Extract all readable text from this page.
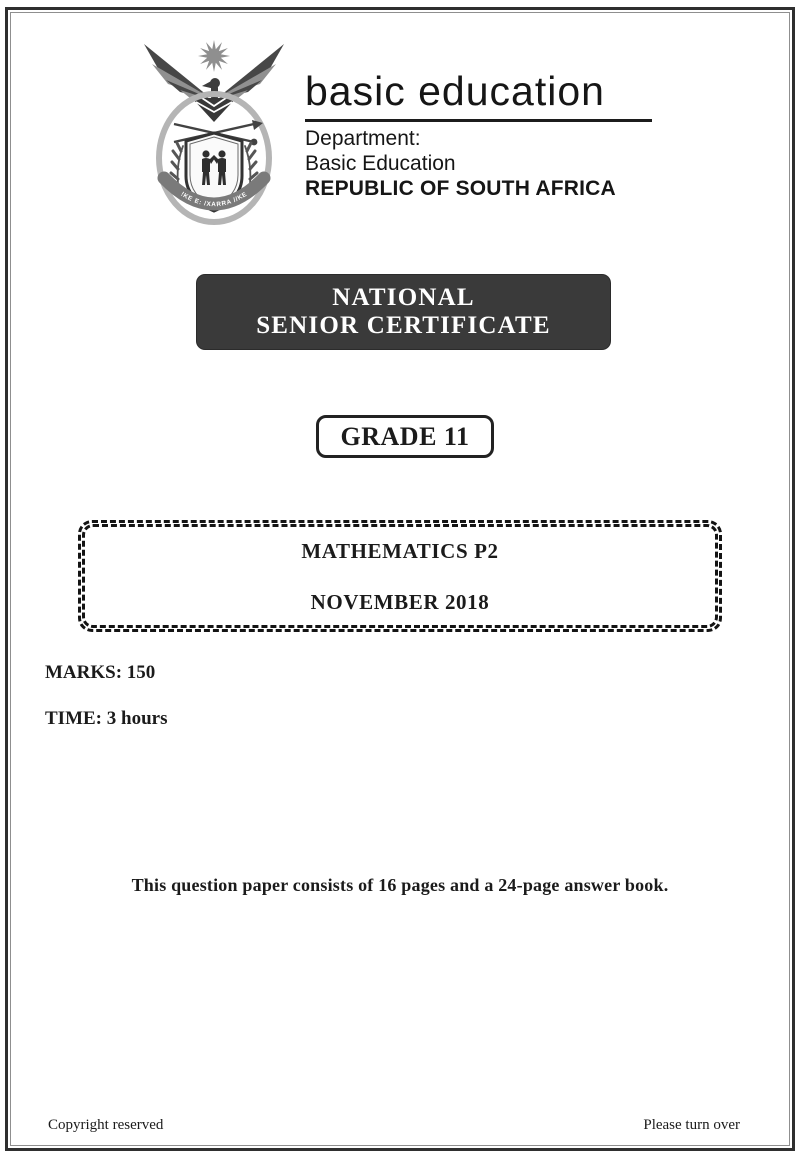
!KE E: /XARRA //KE
basic education
Department:
Basic Education
REPUBLIC OF SOUTH AFRICA
NATIONAL
SENIOR CERTIFICATE
GRADE 11
MATHEMATICS P2
NOVEMBER 2018
MARKS: 150
TIME: 3 hours
This question paper consists of 16 pages and a 24-page answer book.
Copyright reserved	Please turn over
